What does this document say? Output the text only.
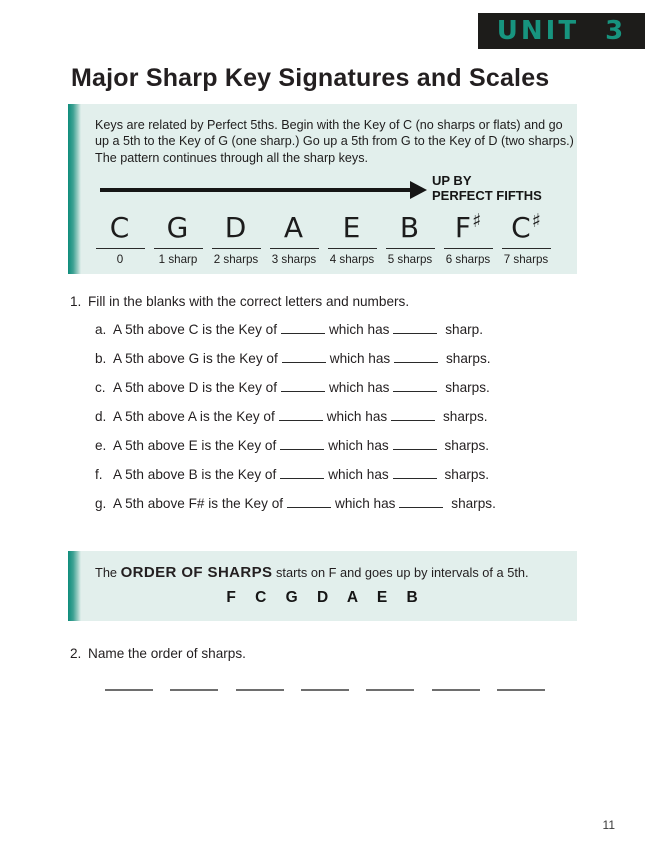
UNIT 3
Major Sharp Key Signatures and Scales

Keys are related by Perfect 5ths. Begin with the Key of C (no sharps or flats) and go up a 5th to the Key of G (one sharp.) Go up a 5th from G to the Key of D (two sharps.) The pattern continues through all the sharp keys.

UP BY
PERFECT FIFTHS
C
0
G
1 sharp
D
2 sharps
A
3 sharps
E
4 sharps
B
5 sharps
F♯
6 sharps
C♯
7 sharps
1. Fill in the blanks with the correct letters and numbers.
a. A 5th above C is the Key of	which has	sharp.
b. A 5th above G is the Key of	which has	sharps.
c. A 5th above D is the Key of	which has	sharps.
d. A 5th above A is the Key of	which has	sharps.
e. A 5th above E is the Key of	which has	sharps.
f. A 5th above B is the Key of	which has	sharps.
g. A 5th above F# is the Key of	which has	sharps.
The ORDER OF SHARPS starts on F and goes up by intervals of a 5th.
F C G D A E B
2. Name the order of sharps.
11
